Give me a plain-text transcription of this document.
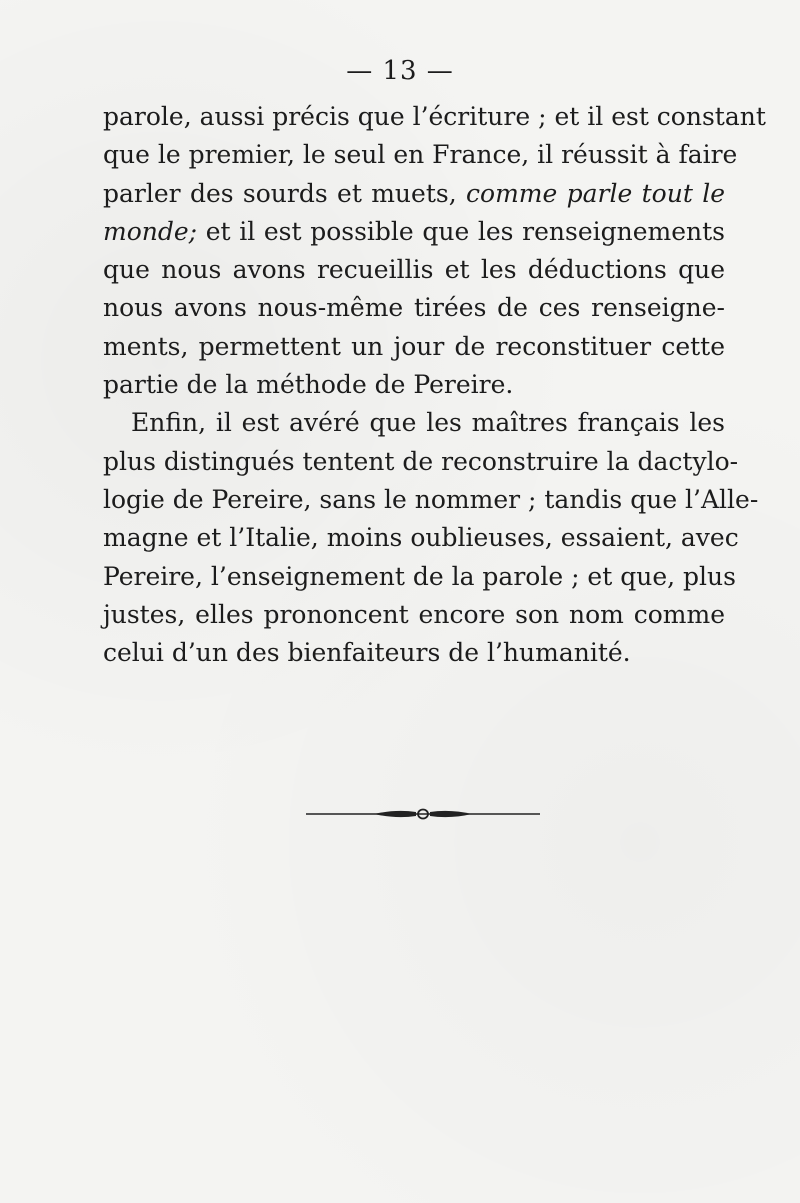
— 13 —
parole, aussi précis que l’écriture ; et il est constant
que le premier, le seul en France, il réussit à faire
parler des sourds et muets, comme parle tout le
monde; et il est possible que les renseignements
que nous avons recueillis et les déductions que
nous avons nous-même tirées de ces renseigne-
ments, permettent un jour de reconstituer cette
partie de la méthode de Pereire.
Enfin, il est avéré que les maîtres français les
plus distingués tentent de reconstruire la dactylo-
logie de Pereire, sans le nommer ; tandis que l’Alle-
magne et l’Italie, moins oublieuses, essaient, avec
Pereire, l’enseignement de la parole ; et que, plus
justes, elles prononcent encore son nom comme
celui d’un des bienfaiteurs de l’humanité.
